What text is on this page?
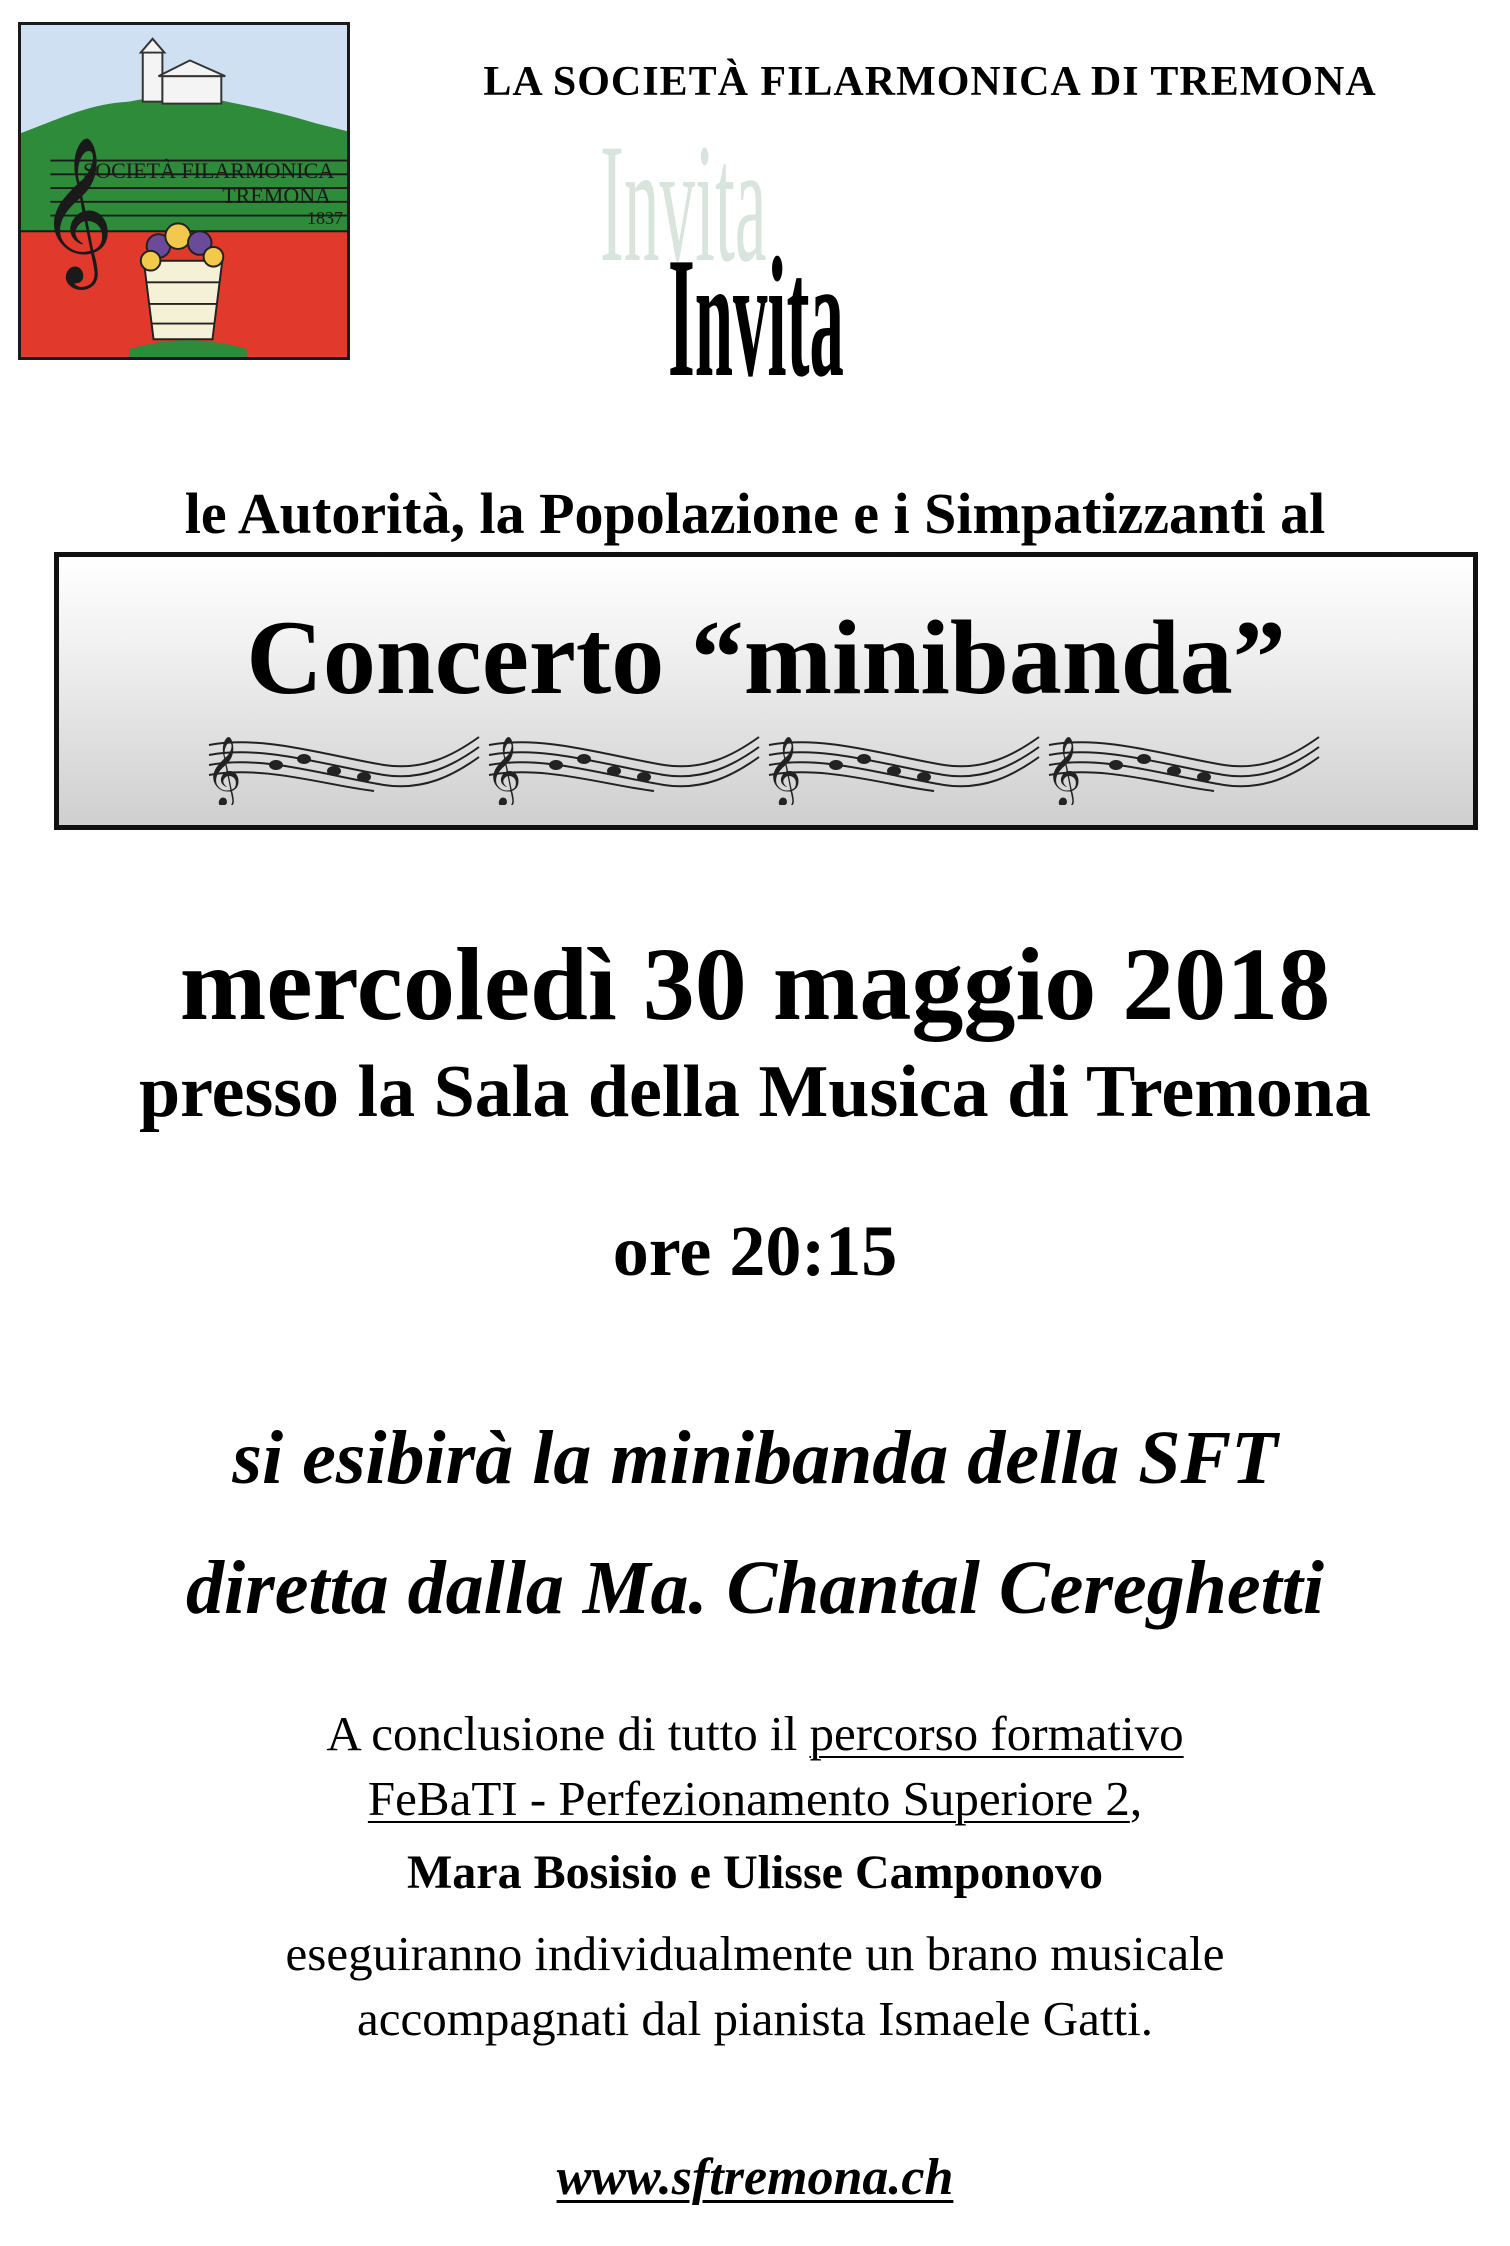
𝄞
SOCIETÀ FILARMONICA
TREMONA
1837
LA SOCIETÀ FILARMONICA DI TREMONA
Invita
Invita
le Autorità, la Popolazione e i Simpatizzanti al
Concerto “minibanda”
𝄞	𝄞	𝄞	𝄞
mercoledì 30 maggio 2018
presso la Sala della Musica di Tremona
ore 20:15
si esibirà la minibanda della SFT
diretta dalla Ma. Chantal Cereghetti
A conclusione di tutto il percorso formativo
FeBaTI - Perfezionamento Superiore 2,
Mara Bosisio e Ulisse Camponovo
eseguiranno individualmente un brano musicale
accompagnati dal pianista Ismaele Gatti.
www.sftremona.ch
